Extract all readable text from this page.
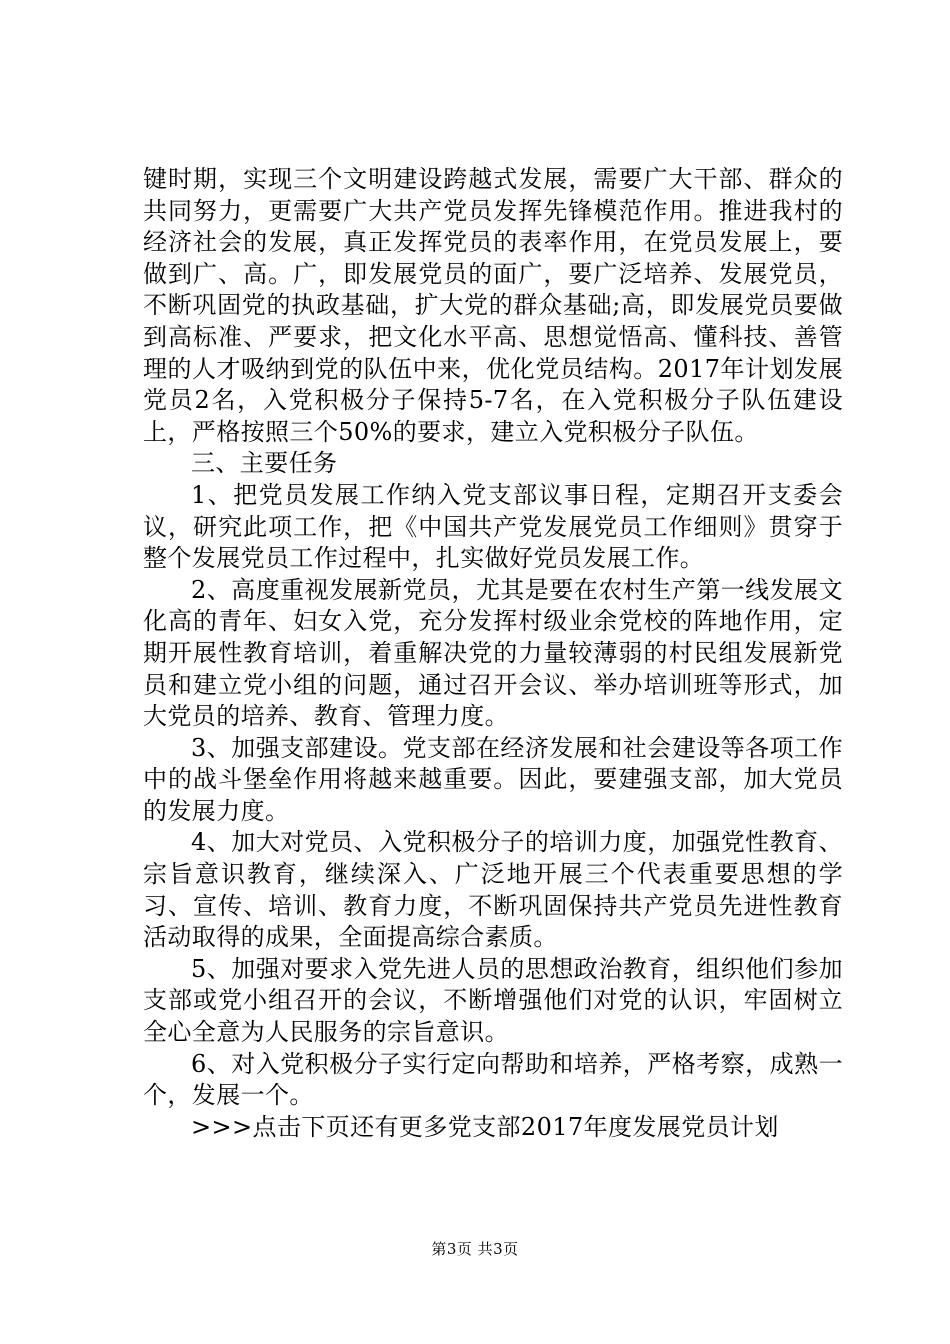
键时期，实现三个文明建设跨越式发展，需要广大干部、群众的共同努力，更需要广大共产党员发挥先锋模范作用。推进我村的经济社会的发展，真正发挥党员的表率作用，在党员发展上，要做到广、高。广，即发展党员的面广，要广泛培养、发展党员，不断巩固党的执政基础，扩大党的群众基础;高，即发展党员要做到高标准、严要求，把文化水平高、思想觉悟高、懂科技、善管理的人才吸纳到党的队伍中来，优化党员结构。2017年计划发展党员2名，入党积极分子保持5-7名，在入党积极分子队伍建设上，严格按照三个50%的要求，建立入党积极分子队伍。

三、主要任务

1、把党员发展工作纳入党支部议事日程，定期召开支委会议，研究此项工作，把《中国共产党发展党员工作细则》贯穿于整个发展党员工作过程中，扎实做好党员发展工作。

2、高度重视发展新党员，尤其是要在农村生产第一线发展文化高的青年、妇女入党，充分发挥村级业余党校的阵地作用，定期开展性教育培训，着重解决党的力量较薄弱的村民组发展新党员和建立党小组的问题，通过召开会议、举办培训班等形式，加大党员的培养、教育、管理力度。

3、加强支部建设。党支部在经济发展和社会建设等各项工作中的战斗堡垒作用将越来越重要。因此，要建强支部，加大党员的发展力度。

4、加大对党员、入党积极分子的培训力度，加强党性教育、宗旨意识教育，继续深入、广泛地开展三个代表重要思想的学习、宣传、培训、教育力度，不断巩固保持共产党员先进性教育活动取得的成果，全面提高综合素质。

5、加强对要求入党先进人员的思想政治教育，组织他们参加支部或党小组召开的会议，不断增强他们对党的认识，牢固树立全心全意为人民服务的宗旨意识。

6、对入党积极分子实行定向帮助和培养，严格考察，成熟一个，发展一个。

>>>点击下页还有更多党支部2017年度发展党员计划

第3页 共3页
